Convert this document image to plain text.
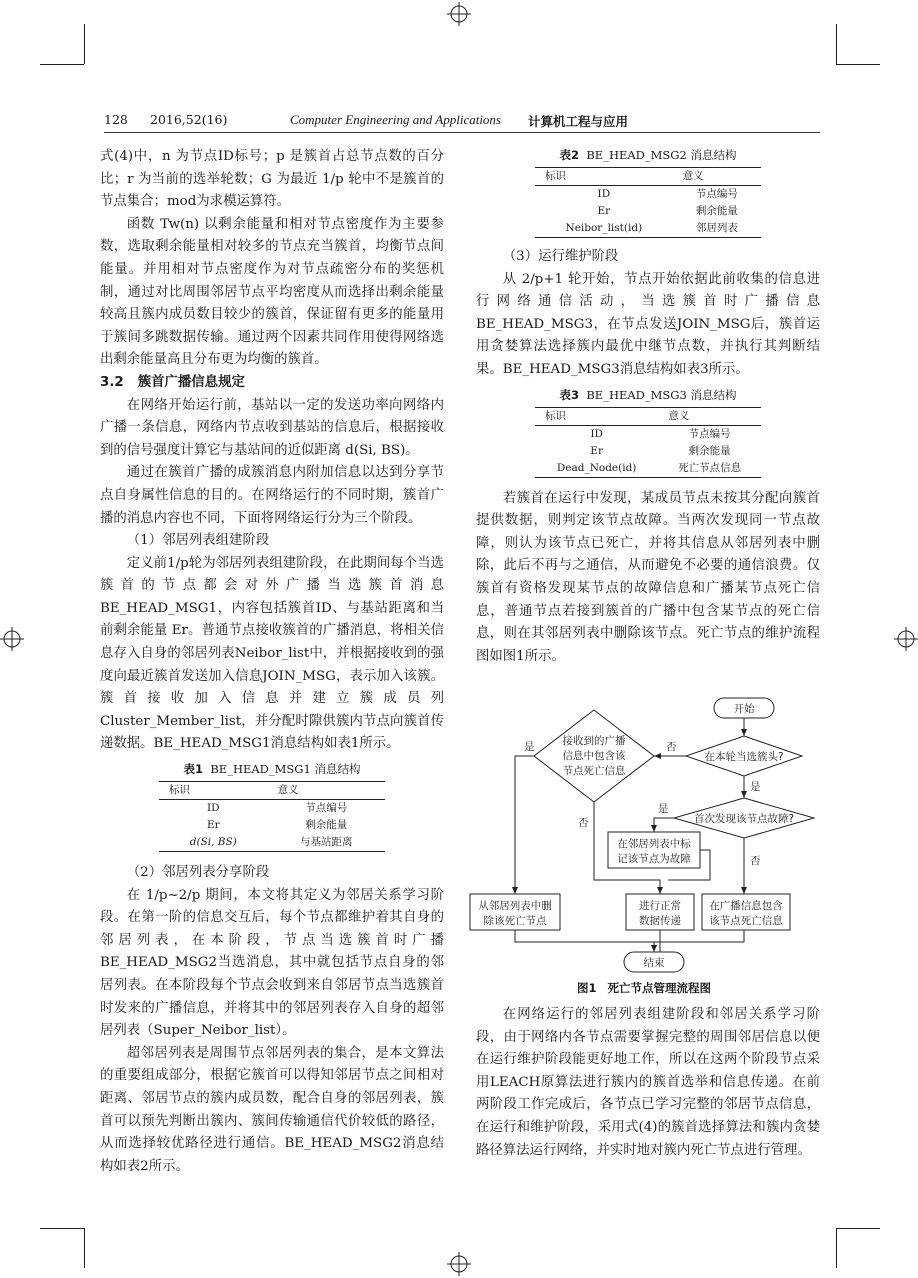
128 2016,52(16)	Computer Engineering and Applications 计算机工程与应用

式(4)中，n 为节点ID标号；p 是簇首占总节点数的百分比；r 为当前的选举轮数；G 为最近 1/p 轮中不是簇首的节点集合；mod为求模运算符。

函数 Tw(n) 以剩余能量和相对节点密度作为主要参数，选取剩余能量相对较多的节点充当簇首，均衡节点间能量。并用相对节点密度作为对节点疏密分布的奖惩机制，通过对比周围邻居节点平均密度从而选择出剩余能量较高且簇内成员数目较少的簇首，保证留有更多的能量用于簇间多跳数据传输。通过两个因素共同作用使得网络选出剩余能量高且分布更为均衡的簇首。

3.2 簇首广播信息规定

在网络开始运行前，基站以一定的发送功率向网络内广播一条信息，网络内节点收到基站的信息后，根据接收到的信号强度计算它与基站间的近似距离 d(Si, BS)。

通过在簇首广播的成簇消息内附加信息以达到分享节点自身属性信息的目的。在网络运行的不同时期，簇首广播的消息内容也不同，下面将网络运行分为三个阶段。

（1）邻居列表组建阶段

定义前1/p轮为邻居列表组建阶段，在此期间每个当选簇首的节点都会对外广播当选簇首消息BE_HEAD_MSG1，内容包括簇首ID、与基站距离和当前剩余能量 Er。普通节点接收簇首的广播消息，将相关信息存入自身的邻居列表Neibor_list中，并根据接收到的强度向最近簇首发送加入信息JOIN_MSG，表示加入该簇。簇首接收加入信息并建立簇成员列Cluster_Member_list，并分配时隙供簇内节点向簇首传递数据。BE_HEAD_MSG1消息结构如表1所示。

表1 BE_HEAD_MSG1 消息结构
标识	意义
ID	节点编号
Er	剩余能量
d(Si, BS)	与基站距离

（2）邻居列表分享阶段

在 1/p~2/p 期间，本文将其定义为邻居关系学习阶段。在第一阶的信息交互后，每个节点都维护着其自身的邻居列表，在本阶段，节点当选簇首时广播BE_HEAD_MSG2当选消息，其中就包括节点自身的邻居列表。在本阶段每个节点会收到来自邻居节点当选簇首时发来的广播信息，并将其中的邻居列表存入自身的超邻居列表（Super_Neibor_list）。

超邻居列表是周围节点邻居列表的集合，是本文算法的重要组成部分，根据它簇首可以得知邻居节点之间相对距离、邻居节点的簇内成员数，配合自身的邻居列表，簇首可以预先判断出簇内、簇间传输通信代价较低的路径，从而选择较优路径进行通信。BE_HEAD_MSG2消息结构如表2所示。

表2 BE_HEAD_MSG2 消息结构
标识	意义
ID	节点编号
Er	剩余能量
Neibor_list(id)	邻居列表

（3）运行维护阶段

从 2/p+1 轮开始，节点开始依据此前收集的信息进行网络通信活动，当选簇首时广播信息BE_HEAD_MSG3，在节点发送JOIN_MSG后，簇首运用贪婪算法选择簇内最优中继节点数，并执行其判断结果。BE_HEAD_MSG3消息结构如表3所示。

表3 BE_HEAD_MSG3 消息结构
标识	意义
ID	节点编号
Er	剩余能量
Dead_Node(id)	死亡节点信息

若簇首在运行中发现，某成员节点未按其分配向簇首提供数据，则判定该节点故障。当两次发现同一节点故障，则认为该节点已死亡，并将其信息从邻居列表中删除，此后不再与之通信，从而避免不必要的通信浪费。仅簇首有资格发现某节点的故障信息和广播某节点死亡信息，普通节点若接到簇首的广播中包含某节点的死亡信息，则在其邻居列表中删除该节点。死亡节点的维护流程图如图1所示。

开始
在本轮当选簇头?
首次发现该节点故障?
接收到的广播
信息中包含该
节点死亡信息
在邻居列表中标
记该节点为故障
从邻居列表中删
除该死亡节点
进行正常
数据传递
在广播信息包含
该节点死亡信息
结束
是	否
是
是
否
否
图1 死亡节点管理流程图

在网络运行的邻居列表组建阶段和邻居关系学习阶段，由于网络内各节点需要掌握完整的周围邻居信息以便在运行维护阶段能更好地工作，所以在这两个阶段节点采用LEACH原算法进行簇内的簇首选举和信息传递。在前两阶段工作完成后，各节点已学习完整的邻居节点信息，在运行和维护阶段，采用式(4)的簇首选择算法和簇内贪婪路径算法运行网络，并实时地对簇内死亡节点进行管理。
